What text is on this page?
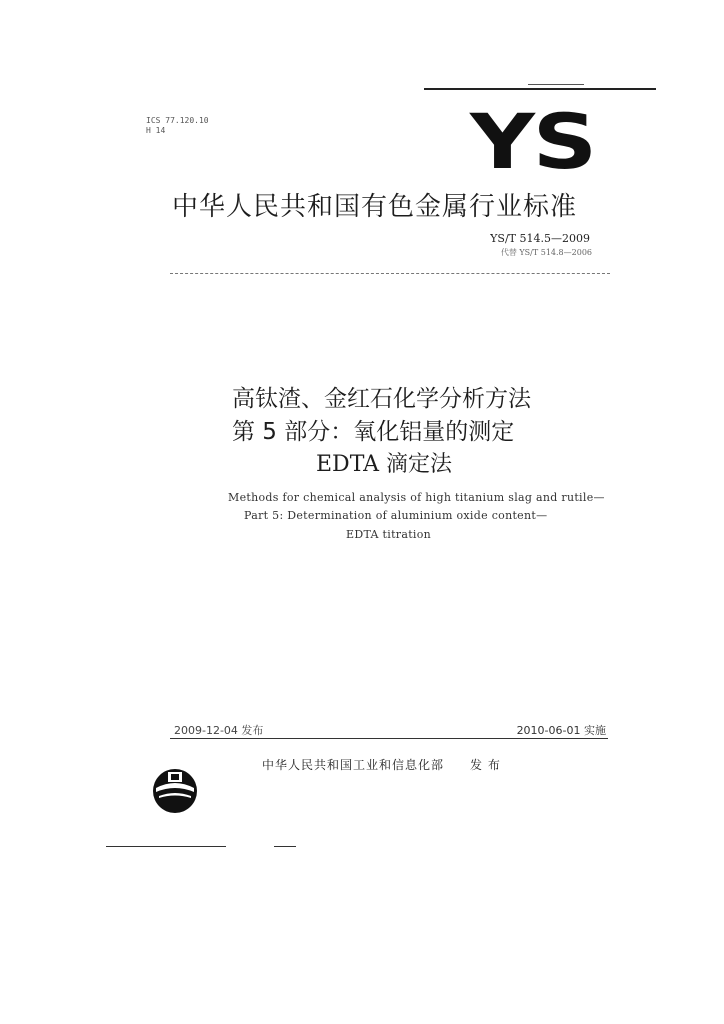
ICS 77.120.10
H 14	YS
中华人民共和国有色金属行业标准
YS/T 514.5—2009
代替 YS/T 514.8—2006
高钛渣、金红石化学分析方法
第 5 部分：氧化铝量的测定
EDTA 滴定法
Methods for chemical analysis of high titanium slag and rutile—
Part 5: Determination of aluminium oxide content—
EDTA titration
2009-12-04 发布	2010-06-01 实施
中华人民共和国工业和信息化部 发 布
